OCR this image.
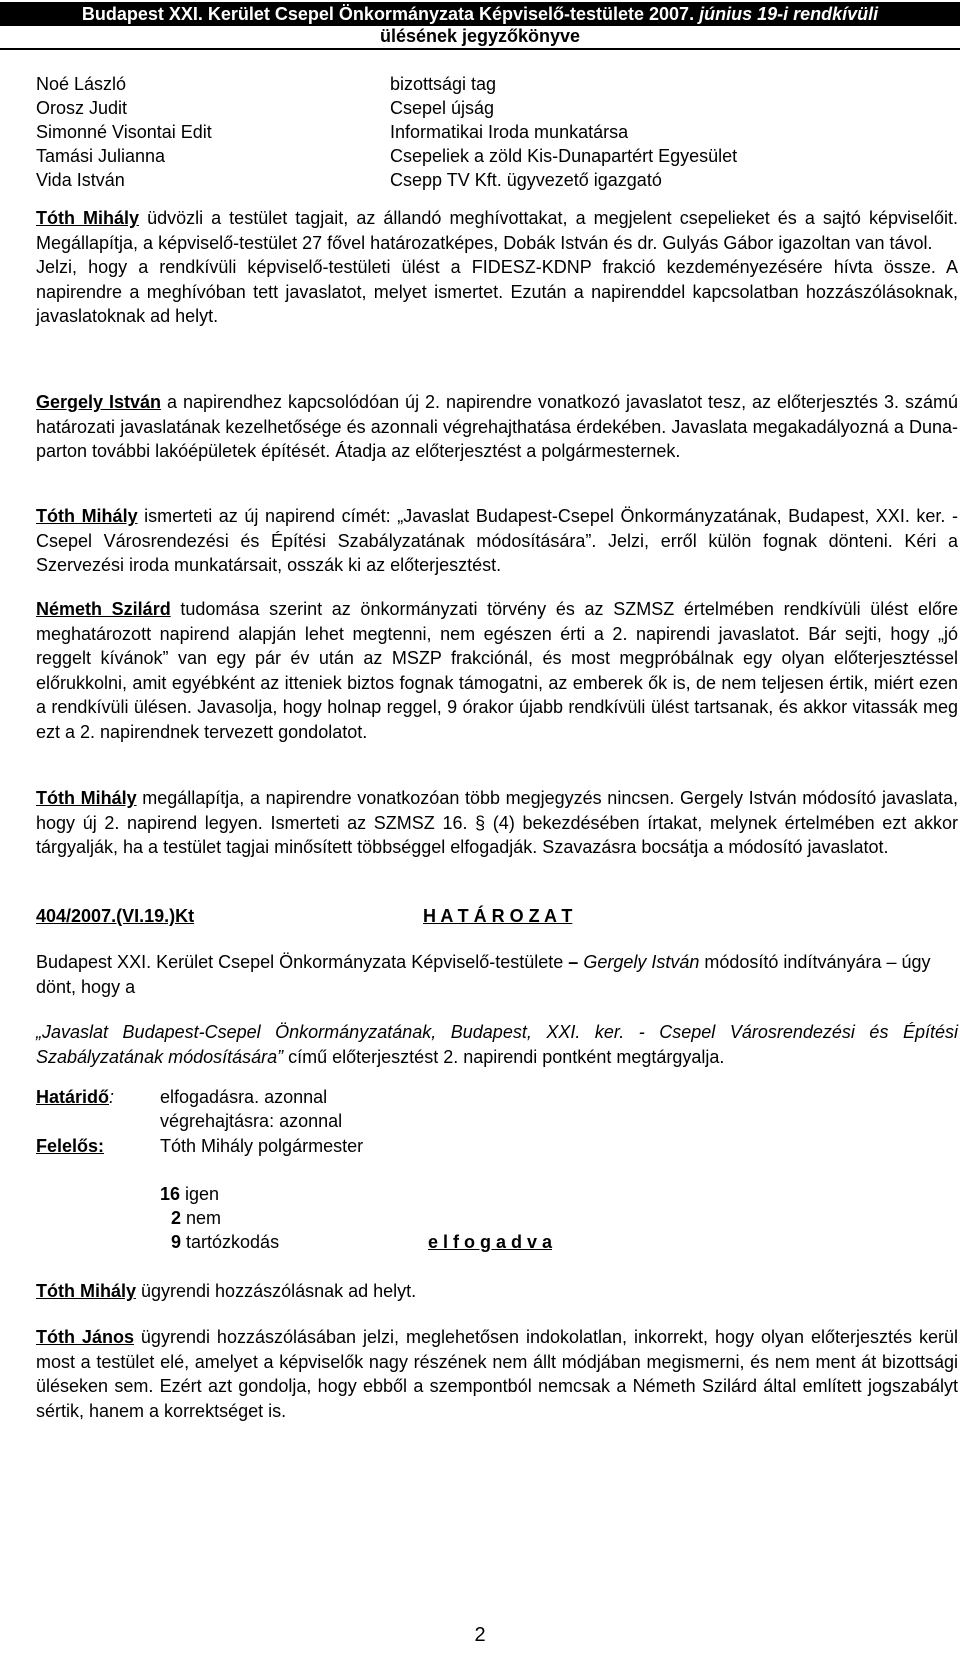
Budapest XXI. Kerület Csepel Önkormányzata Képviselő-testülete 2007. június 19-i rendkívüli
ülésének jegyzőkönyve
Noé László	bizottsági tag
Orosz Judit	Csepel újság
Simonné Visontai Edit	Informatikai Iroda munkatársa
Tamási Julianna	Csepeliek a zöld Kis-Dunapartért Egyesület
Vida István	Csepp TV Kft. ügyvezető igazgató

Tóth Mihály üdvözli a testület tagjait, az állandó meghívottakat, a megjelent csepelieket és a sajtó képviselőit. Megállapítja, a képviselő-testület 27 fővel határozatképes, Dobák István és dr. Gulyás Gábor igazoltan van távol.

Jelzi, hogy a rendkívüli képviselő-testületi ülést a FIDESZ-KDNP frakció kezdeményezésére hívta össze. A napirendre a meghívóban tett javaslatot, melyet ismertet. Ezután a napirenddel kapcsolatban hozzászólásoknak, javaslatoknak ad helyt.

Gergely István a napirendhez kapcsolódóan új 2. napirendre vonatkozó javaslatot tesz, az előterjesztés 3. számú határozati javaslatának kezelhetősége és azonnali végrehajthatása érdekében. Javaslata megakadályozná a Duna-parton további lakóépületek építését. Átadja az előterjesztést a polgármesternek.

Tóth Mihály ismerteti az új napirend címét: „Javaslat Budapest-Csepel Önkormányzatának, Budapest, XXI. ker. - Csepel Városrendezési és Építési Szabályzatának módosítására”. Jelzi, erről külön fognak dönteni. Kéri a Szervezési iroda munkatársait, osszák ki az előterjesztést.

Németh Szilárd tudomása szerint az önkormányzati törvény és az SZMSZ értelmében rendkívüli ülést előre meghatározott napirend alapján lehet megtenni, nem egészen érti a 2. napirendi javaslatot. Bár sejti, hogy „jó reggelt kívánok” van egy pár év után az MSZP frakciónál, és most megpróbálnak egy olyan előterjesztéssel előrukkolni, amit egyébként az itteniek biztos fognak támogatni, az emberek ők is, de nem teljesen értik, miért ezen a rendkívüli ülésen. Javasolja, hogy holnap reggel, 9 órakor újabb rendkívüli ülést tartsanak, és akkor vitassák meg ezt a 2. napirendnek tervezett gondolatot.

Tóth Mihály megállapítja, a napirendre vonatkozóan több megjegyzés nincsen. Gergely István módosító javaslata, hogy új 2. napirend legyen. Ismerteti az SZMSZ 16. § (4) bekezdésében írtakat, melynek értelmében ezt akkor tárgyalják, ha a testület tagjai minősített többséggel elfogadják. Szavazásra bocsátja a módosító javaslatot.

404/2007.(VI.19.)Kt	H A T Á R O Z A T

Budapest XXI. Kerület Csepel Önkormányzata Képviselő-testülete – Gergely István módosító indítványára – úgy dönt, hogy a

„Javaslat Budapest-Csepel Önkormányzatának, Budapest, XXI. ker. - Csepel Városrendezési és Építési Szabályzatának módosítására” című előterjesztést 2. napirendi pontként megtárgyalja.

Határidő:	elfogadásra. azonnal
végrehajtásra: azonnal
Felelős:	Tóth Mihály polgármester
16 igen
2 nem
9 tartózkodás	e l f o g a d v a

Tóth Mihály ügyrendi hozzászólásnak ad helyt.

Tóth János ügyrendi hozzászólásában jelzi, meglehetősen indokolatlan, inkorrekt, hogy olyan előterjesztés kerül most a testület elé, amelyet a képviselők nagy részének nem állt módjában megismerni, és nem ment át bizottsági üléseken sem. Ezért azt gondolja, hogy ebből a szempontból nemcsak a Németh Szilárd által említett jogszabályt sértik, hanem a korrektséget is.

2
